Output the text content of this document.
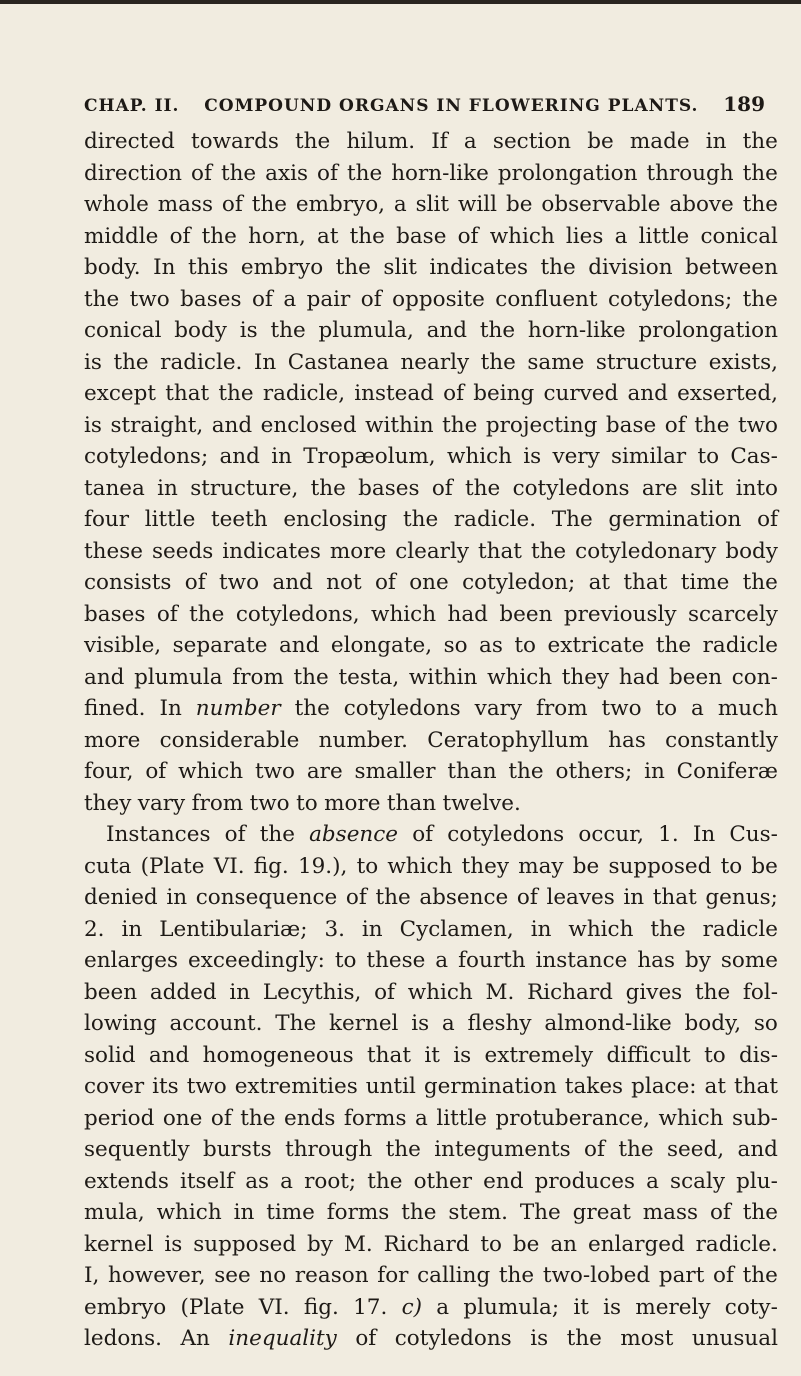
CHAP. II.	COMPOUND ORGANS IN FLOWERING PLANTS.	189
directed towards the hilum. If a section be made in the
direction of the axis of the horn-like prolongation through the
whole mass of the embryo, a slit will be observable above the
middle of the horn, at the base of which lies a little conical
body. In this embryo the slit indicates the division between
the two bases of a pair of opposite confluent cotyledons; the
conical body is the plumula, and the horn-like prolongation
is the radicle. In Castanea nearly the same structure exists,
except that the radicle, instead of being curved and exserted,
is straight, and enclosed within the projecting base of the two
cotyledons; and in Tropæolum, which is very similar to Cas-
tanea in structure, the bases of the cotyledons are slit into
four little teeth enclosing the radicle. The germination of
these seeds indicates more clearly that the cotyledonary body
consists of two and not of one cotyledon; at that time the
bases of the cotyledons, which had been previously scarcely
visible, separate and elongate, so as to extricate the radicle
and plumula from the testa, within which they had been con-
fined. In number the cotyledons vary from two to a much
more considerable number. Ceratophyllum has constantly
four, of which two are smaller than the others; in Coniferæ
they vary from two to more than twelve.
Instances of the absence of cotyledons occur, 1. In Cus-
cuta (Plate VI. fig. 19.), to which they may be supposed to be
denied in consequence of the absence of leaves in that genus;
2. in Lentibulariæ; 3. in Cyclamen, in which the radicle
enlarges exceedingly: to these a fourth instance has by some
been added in Lecythis, of which M. Richard gives the fol-
lowing account. The kernel is a fleshy almond-like body, so
solid and homogeneous that it is extremely difficult to dis-
cover its two extremities until germination takes place: at that
period one of the ends forms a little protuberance, which sub-
sequently bursts through the integuments of the seed, and
extends itself as a root; the other end produces a scaly plu-
mula, which in time forms the stem. The great mass of the
kernel is supposed by M. Richard to be an enlarged radicle.
I, however, see no reason for calling the two-lobed part of the
embryo (Plate VI. fig. 17. c) a plumula; it is merely coty-
ledons. An inequality of cotyledons is the most unusual
